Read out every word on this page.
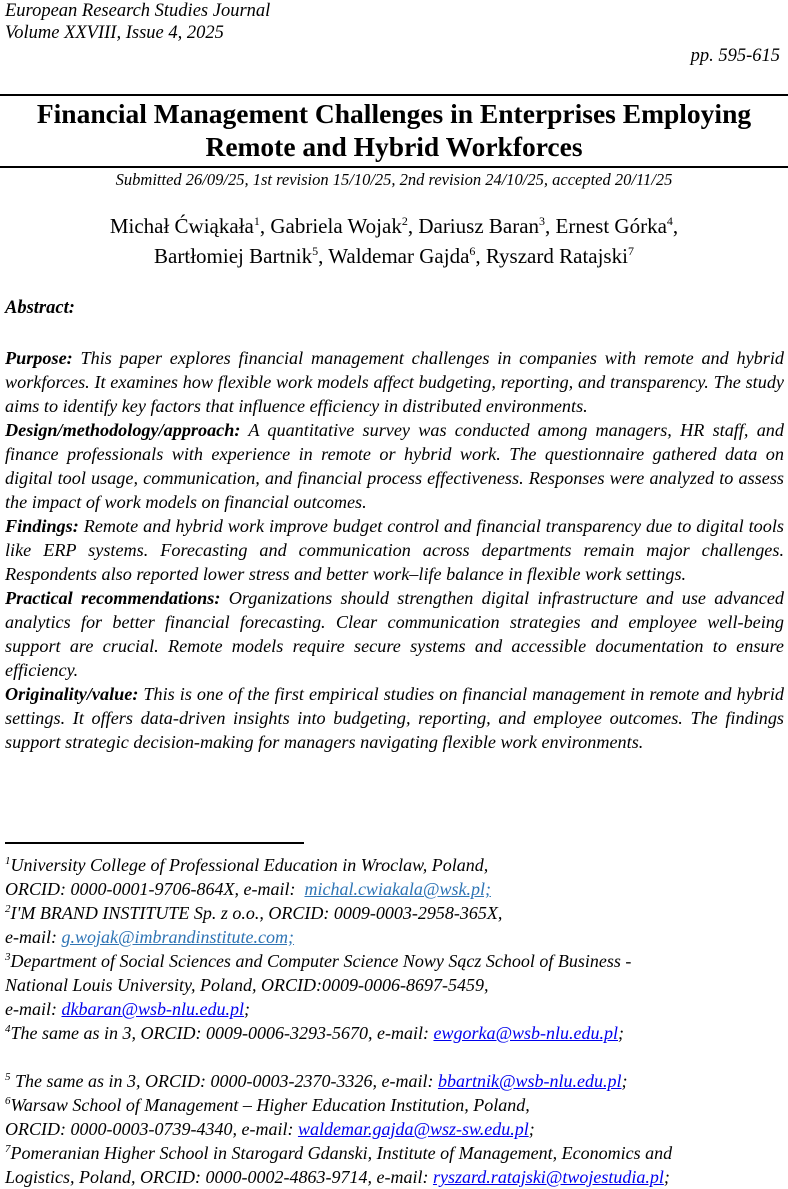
European Research Studies Journal
Volume XXVIII, Issue 4, 2025
pp. 595-615
Financial Management Challenges in Enterprises Employing
Remote and Hybrid Workforces
Submitted 26/09/25, 1st revision 15/10/25, 2nd revision 24/10/25, accepted 20/11/25
Michał Ćwiąkała$^1$, Gabriela Wojak$^2$, Dariusz Baran$^3$, Ernest Górka$^4$,
Bartłomiej Bartnik$^5$, Waldemar Gajda$^6$, Ryszard Ratajski$^7$
Abstract:

Purpose: This paper explores financial management challenges in companies with remote and hybrid workforces. It examines how flexible work models affect budgeting, reporting, and transparency. The study aims to identify key factors that influence efficiency in distributed environments.

Design/methodology/approach: A quantitative survey was conducted among managers, HR staff, and finance professionals with experience in remote or hybrid work. The questionnaire gathered data on digital tool usage, communication, and financial process effectiveness. Responses were analyzed to assess the impact of work models on financial outcomes.

Findings: Remote and hybrid work improve budget control and financial transparency due to digital tools like ERP systems. Forecasting and communication across departments remain major challenges. Respondents also reported lower stress and better work–life balance in flexible work settings.

Practical recommendations: Organizations should strengthen digital infrastructure and use advanced analytics for better financial forecasting. Clear communication strategies and employee well-being support are crucial. Remote models require secure systems and accessible documentation to ensure efficiency.

Originality/value: This is one of the first empirical studies on financial management in remote and hybrid settings. It offers data-driven insights into budgeting, reporting, and employee outcomes. The findings support strategic decision-making for managers navigating flexible work environments.

$^1$University College of Professional Education in Wroclaw, Poland,

ORCID: 0000-0001-9706-864X, e-mail:  michal.cwiakala@wsk.pl;

$^2$I'M BRAND INSTITUTE Sp. z o.o., ORCID: 0009-0003-2958-365X,

e-mail: g.wojak@imbrandinstitute.com;

$^3$Department of Social Sciences and Computer Science Nowy Sącz School of Business -

National Louis University, Poland, ORCID:0009-0006-8697-5459,

e-mail: dkbaran@wsb-nlu.edu.pl;

$^4$The same as in 3, ORCID: 0009-0006-3293-5670, e-mail: ewgorka@wsb-nlu.edu.pl;

$^5$ The same as in 3, ORCID: 0000-0003-2370-3326, e-mail: bbartnik@wsb-nlu.edu.pl;

$^6$Warsaw School of Management – Higher Education Institution, Poland,

ORCID: 0000-0003-0739-4340, e-mail: waldemar.gajda@wsz-sw.edu.pl;

$^7$Pomeranian Higher School in Starogard Gdanski, Institute of Management, Economics and

Logistics, Poland, ORCID: 0000-0002-4863-9714, e-mail: ryszard.ratajski@twojestudia.pl;
